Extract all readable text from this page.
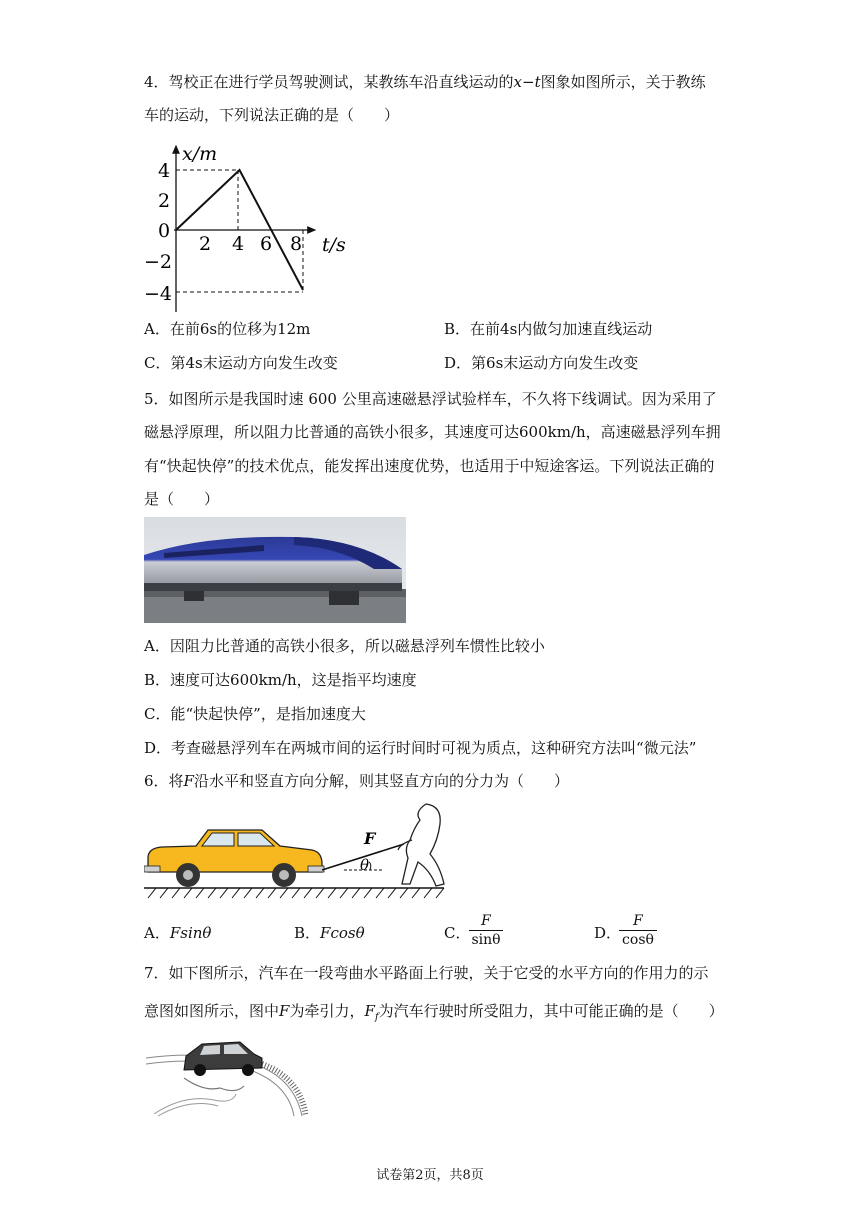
4．驾校正在进行学员驾驶测试，某教练车沿直线运动的x−t图象如图所示，关于教练
车的运动，下列说法正确的是（　　）
x/m
t/s
4
2
0
−2
−4
2 4 6 8
A．在前6s的位移为12m	B．在前4s内做匀加速直线运动
C．第4s末运动方向发生改变	D．第6s末运动方向发生改变
5．如图所示是我国时速 600 公里高速磁悬浮试验样车，不久将下线调试。因为采用了
磁悬浮原理，所以阻力比普通的高铁小很多，其速度可达600km/h，高速磁悬浮列车拥
有“快起快停”的技术优点，能发挥出速度优势，也适用于中短途客运。下列说法正确的
是（　　）
A．因阻力比普通的高铁小很多，所以磁悬浮列车惯性比较小
B．速度可达600km/h，这是指平均速度
C．能“快起快停”，是指加速度大
D．考查磁悬浮列车在两城市间的运行时间时可视为质点，这种研究方法叫“微元法”
6．将F沿水平和竖直方向分解，则其竖直方向的分力为（　　）
F
θ
A．Fsinθ	B．Fcosθ	C．
$\frac{F}{\sin\theta}$	D．
$\frac{F}{\cos\theta}$
7．如下图所示，汽车在一段弯曲水平路面上行驶，关于它受的水平方向的作用力的示
意图如图所示，图中F为牵引力，$F_f$为汽车行驶时所受阻力，其中可能正确的是（　　）
试卷第2页，共8页
